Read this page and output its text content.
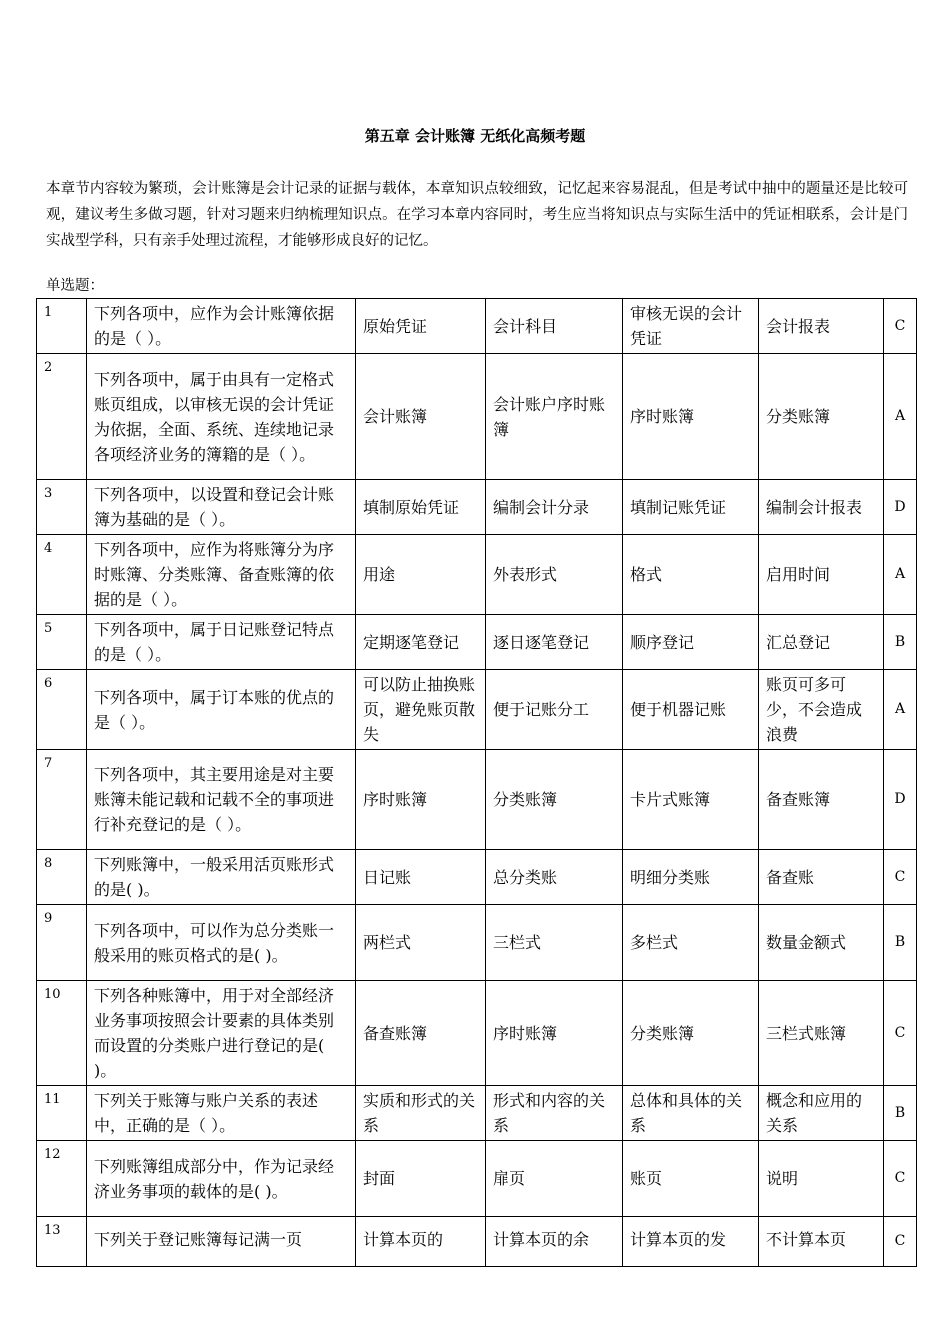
第五章 会计账簿 无纸化高频考题

本章节内容较为繁琐，会计账簿是会计记录的证据与载体，本章知识点较细致，记忆起来容易混乱，但是考试中抽中的题量还是比较可观，建议考生多做习题，针对习题来归纳梳理知识点。在学习本章内容同时，考生应当将知识点与实际生活中的凭证相联系，会计是门实战型学科，只有亲手处理过流程，才能够形成良好的记忆。

单选题：
1	下列各项中，应作为会计账簿依据的是（ ）。	原始凭证	会计科目	审核无误的会计凭证	会计报表	C
2	下列各项中，属于由具有一定格式账页组成，以审核无误的会计凭证为依据，全面、系统、连续地记录各项经济业务的簿籍的是（ ）。	会计账簿	会计账户序时账簿	序时账簿	分类账簿	A
3	下列各项中，以设置和登记会计账簿为基础的是（ ）。	填制原始凭证	编制会计分录	填制记账凭证	编制会计报表	D
4	下列各项中，应作为将账簿分为序时账簿、分类账簿、备查账簿的依据的是（ ）。	用途	外表形式	格式	启用时间	A
5	下列各项中，属于日记账登记特点的是（ ）。	定期逐笔登记	逐日逐笔登记	顺序登记	汇总登记	B
6	下列各项中，属于订本账的优点的是（ ）。	可以防止抽换账页，避免账页散失	便于记账分工	便于机器记账	账页可多可少，不会造成浪费	A
7	下列各项中，其主要用途是对主要账簿未能记载和记载不全的事项进行补充登记的是（ ）。	序时账簿	分类账簿	卡片式账簿	备查账簿	D
8	下列账簿中，一般采用活页账形式的是( )。	日记账	总分类账	明细分类账	备查账	C
9	下列各项中，可以作为总分类账一般采用的账页格式的是( )。	两栏式	三栏式	多栏式	数量金额式	B
10	下列各种账簿中，用于对全部经济业务事项按照会计要素的具体类别而设置的分类账户进行登记的是( )。	备查账簿	序时账簿	分类账簿	三栏式账簿	C
11	下列关于账簿与账户关系的表述中，正确的是（ ）。	实质和形式的关系	形式和内容的关系	总体和具体的关系	概念和应用的关系	B
12	下列账簿组成部分中，作为记录经济业务事项的载体的是( )。	封面	扉页	账页	说明	C
13	下列关于登记账簿每记满一页	计算本页的	计算本页的余	计算本页的发	不计算本页	C
